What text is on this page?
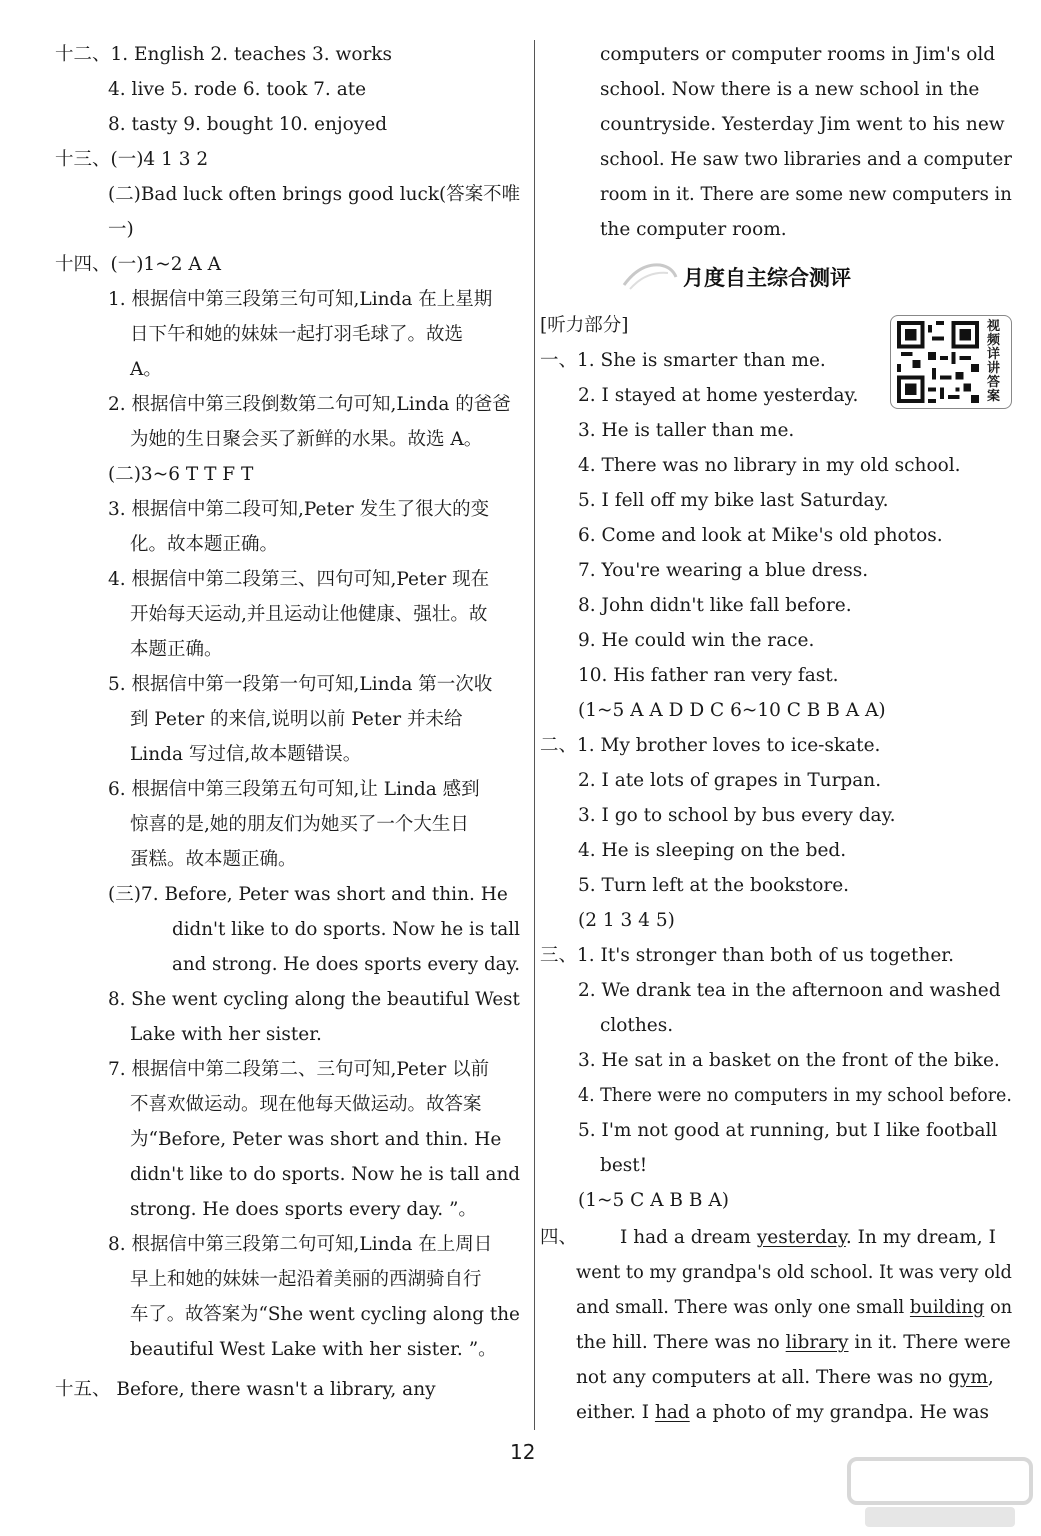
月度自主综合测评
视频详讲答案
12
十二、1. English 2. teaches 3. works
4. live 5. rode 6. took 7. ate
8. tasty 9. bought 10. enjoyed
十三、(一)4 1 3 2
(二)Bad luck often brings good luck(答案不唯
一)
十四、(一)1~2 A A
1. 根据信中第三段第三句可知,Linda 在上星期
日下午和她的妹妹一起打羽毛球了。故选
A。
2. 根据信中第三段倒数第二句可知,Linda 的爸爸
为她的生日聚会买了新鲜的水果。故选 A。
(二)3~6 T T F T
3. 根据信中第二段可知,Peter 发生了很大的变
化。故本题正确。
4. 根据信中第二段第三、四句可知,Peter 现在
开始每天运动,并且运动让他健康、强壮。故
本题正确。
5. 根据信中第一段第一句可知,Linda 第一次收
到 Peter 的来信,说明以前 Peter 并未给
Linda 写过信,故本题错误。
6. 根据信中第三段第五句可知,让 Linda 感到
惊喜的是,她的朋友们为她买了一个大生日
蛋糕。故本题正确。
(三)7. Before, Peter was short and thin. He
didn't like to do sports. Now he is tall
and strong. He does sports every day.
8. She went cycling along the beautiful West
Lake with her sister.
7. 根据信中第二段第二、三句可知,Peter 以前
不喜欢做运动。现在他每天做运动。故答案
为“Before, Peter was short and thin. He
didn't like to do sports. Now he is tall and
strong. He does sports every day. ”。
8. 根据信中第三段第二句可知,Linda 在上周日
早上和她的妹妹一起沿着美丽的西湖骑自行
车了。故答案为“She went cycling along the
beautiful West Lake with her sister. ”。
十五、 Before, there wasn't a library, any
computers or computer rooms in Jim's old
school. Now there is a new school in the
countryside. Yesterday Jim went to his new
school. He saw two libraries and a computer
room in it. There are some new computers in
the computer room.
[听力部分]
一、1. She is smarter than me.
2. I stayed at home yesterday.
3. He is taller than me.
4. There was no library in my old school.
5. I fell off my bike last Saturday.
6. Come and look at Mike's old photos.
7. You're wearing a blue dress.
8. John didn't like fall before.
9. He could win the race.
10. His father ran very fast.
(1~5 A A D D C 6~10 C B B A A)
二、1. My brother loves to ice-skate.
2. I ate lots of grapes in Turpan.
3. I go to school by bus every day.
4. He is sleeping on the bed.
5. Turn left at the bookstore.
(2 1 3 4 5)
三、1. It's stronger than both of us together.
2. We drank tea in the afternoon and washed
clothes.
3. He sat in a basket on the front of the bike.
4. There were no computers in my school before.
5. I'm not good at running, but I like football
best!
(1~5 C A B B A)
四、 I had a dream yesterday. In my dream, I
went to my grandpa's old school. It was very old
and small. There was only one small building on
the hill. There was no library in it. There were
not any computers at all. There was no gym,
either. I had a photo of my grandpa. He was
